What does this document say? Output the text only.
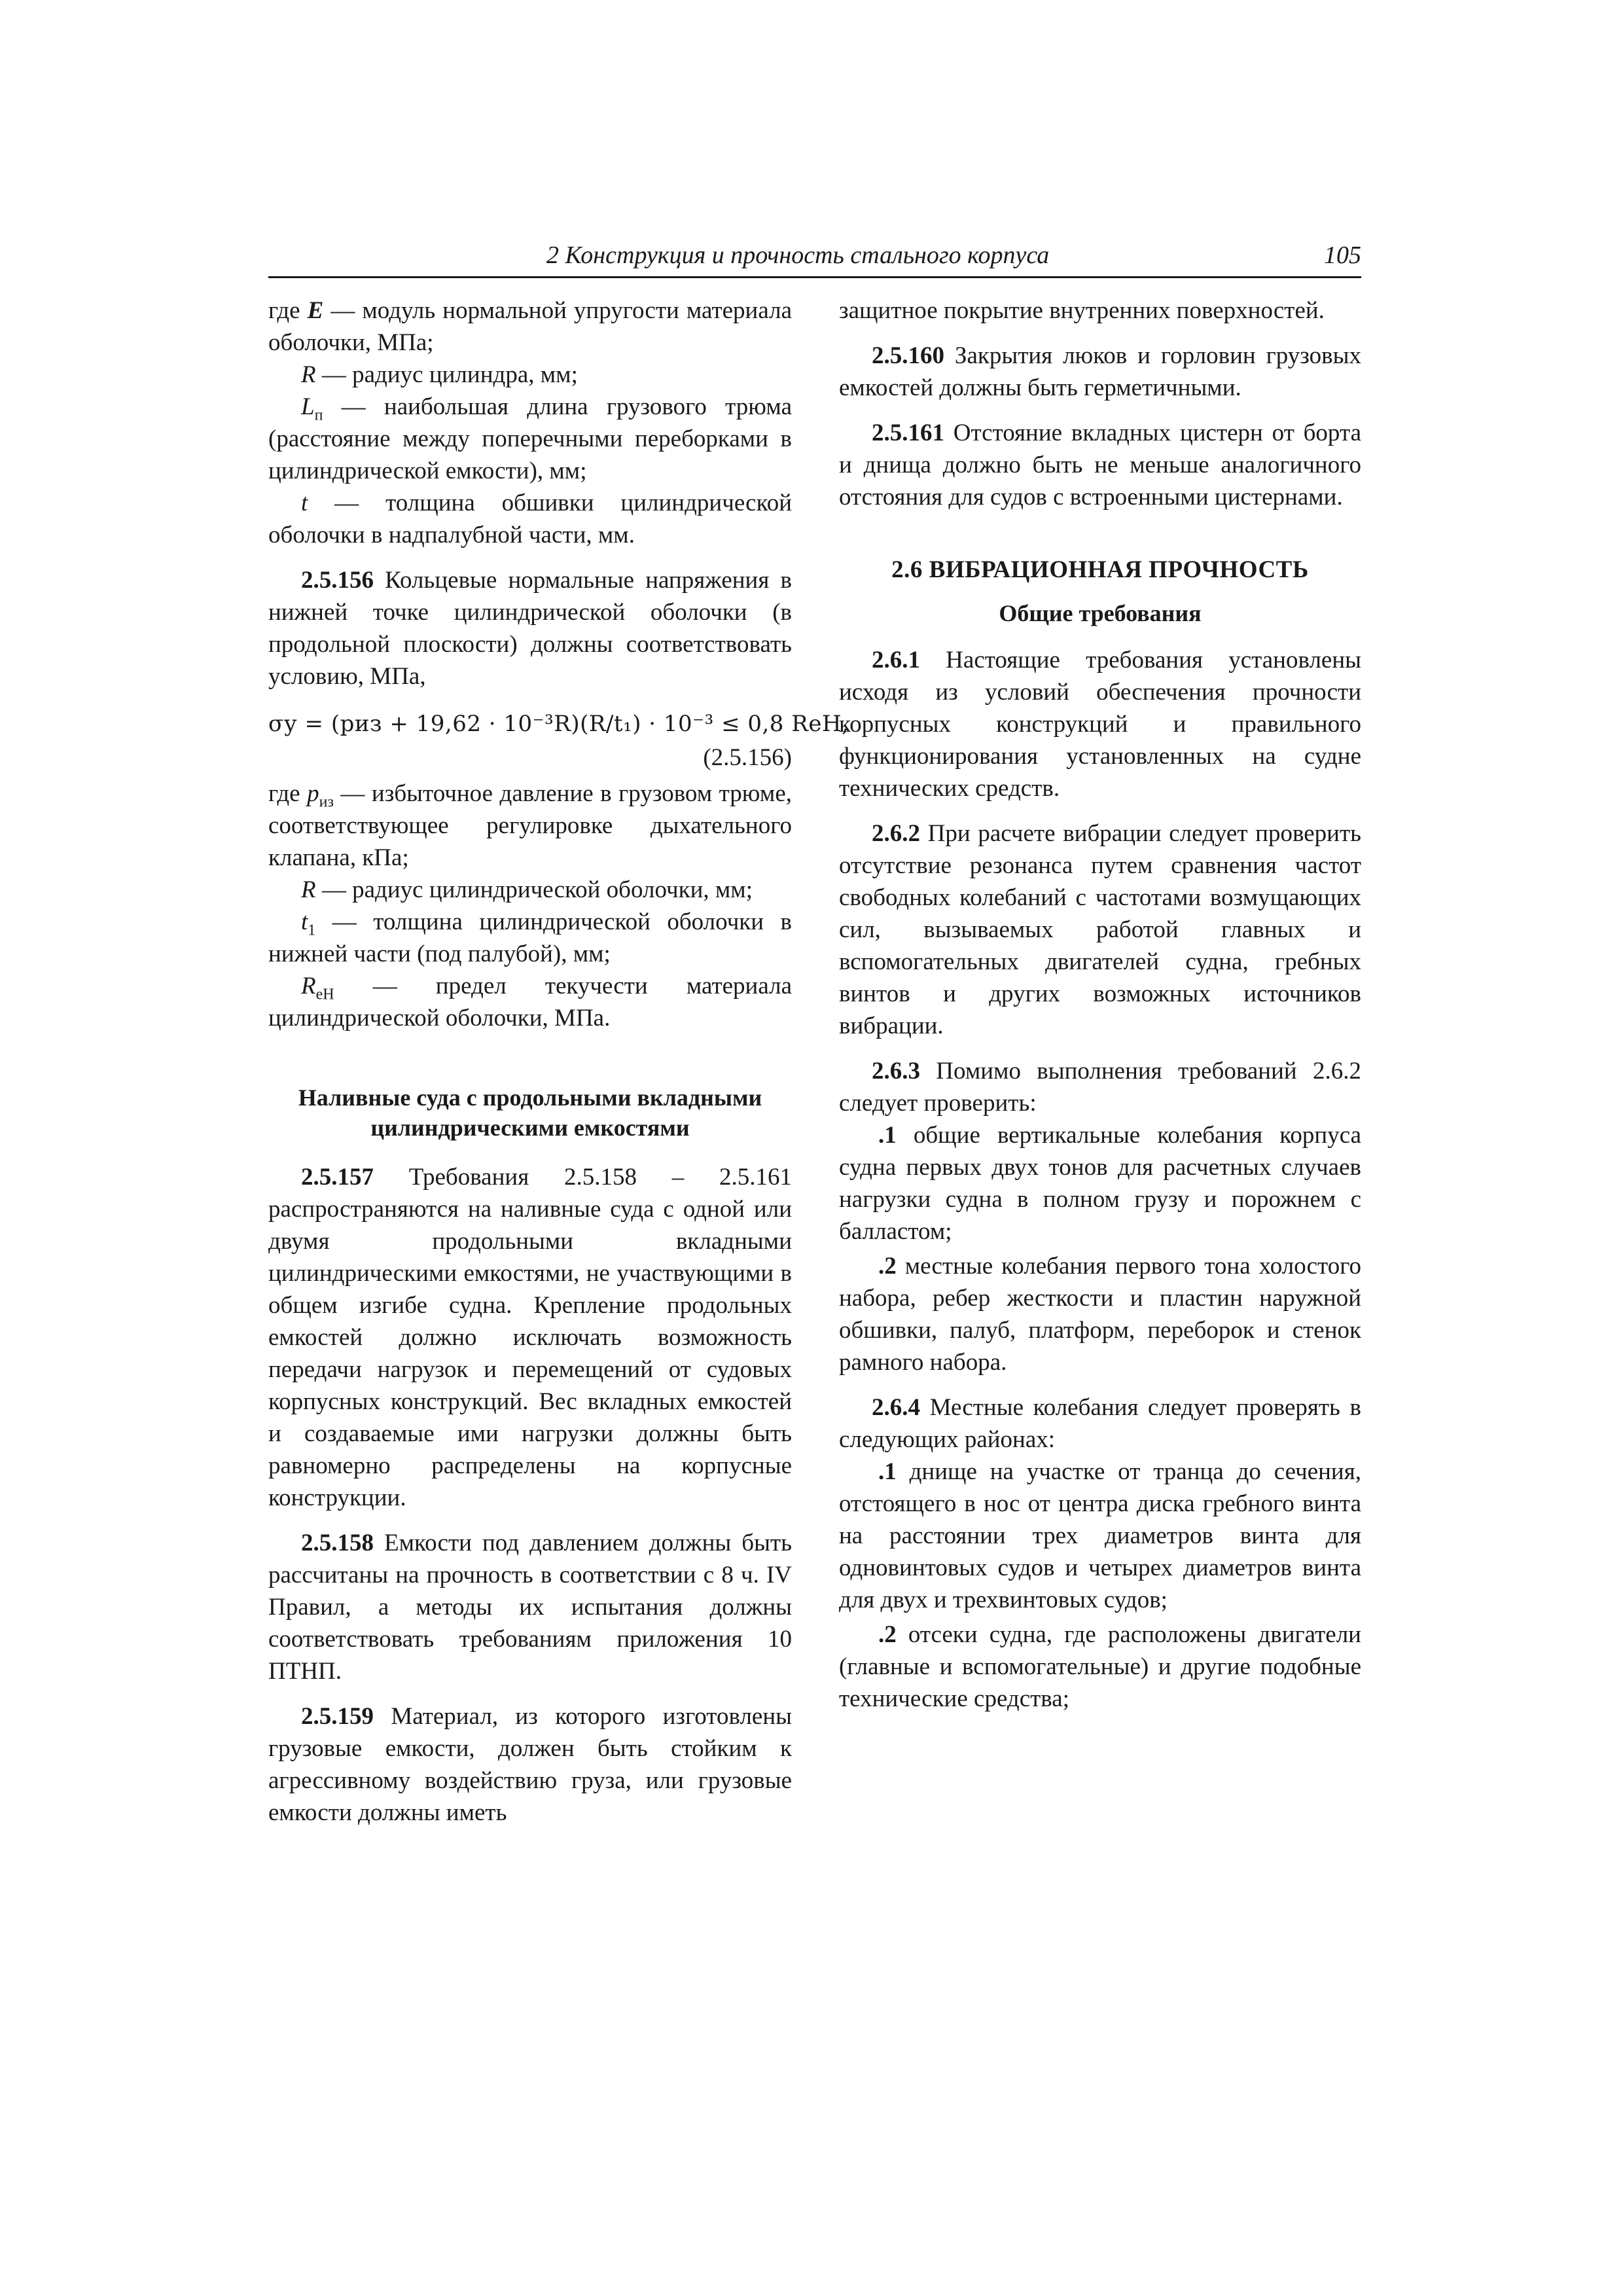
2 Конструкция и прочность стального корпуса	105

где E — модуль нормальной упругости материала оболочки, МПа;

R — радиус цилиндра, мм;

$L_п$ — наибольшая длина грузового трюма (расстояние между поперечными переборками в цилиндрической емкости), мм;

t — толщина обшивки цилиндрической оболочки в надпалубной части, мм.

2.5.156 Кольцевые нормальные напряжения в нижней точке цилиндрической оболочки (в продольной плоскости) должны соответствовать условию, МПа,

σу = (pиз + 19,62 · 10⁻³R)(R/t₁) · 10⁻³ ≤ 0,8 ReH,
(2.5.156)

где $p_{из}$ — избыточное давление в грузовом трюме, соответствующее регулировке дыхательного клапана, кПа;

R — радиус цилиндрической оболочки, мм;

$t_1$ — толщина цилиндрической оболочки в нижней части (под палубой), мм;

$R_{eH}$ — предел текучести материала цилиндрической оболочки, МПа.

Наливные суда с продольными вкладными цилиндрическими емкостями

2.5.157 Требования 2.5.158 – 2.5.161 распространяются на наливные суда с одной или двумя продольными вкладными цилиндрическими емкостями, не участвующими в общем изгибе судна. Крепление продольных емкостей должно исключать возможность передачи нагрузок и перемещений от судовых корпусных конструкций. Вес вкладных емкостей и создаваемые ими нагрузки должны быть равномерно распределены на корпусные конструкции.

2.5.158 Емкости под давлением должны быть рассчитаны на прочность в соответствии с 8 ч. IV Правил, а методы их испытания должны соответствовать требованиям приложения 10 ПТНП.

2.5.159 Материал, из которого изготовлены грузовые емкости, должен быть стойким к агрессивному воздействию груза, или грузовые емкости должны иметь

защитное покрытие внутренних поверхностей.

2.5.160 Закрытия люков и горловин грузовых емкостей должны быть герметичными.

2.5.161 Отстояние вкладных цистерн от борта и днища должно быть не меньше аналогичного отстояния для судов с встроенными цистернами.

2.6 ВИБРАЦИОННАЯ ПРОЧНОСТЬ
Общие требования

2.6.1 Настоящие требования установлены исходя из условий обеспечения прочности корпусных конструкций и правильного функционирования установленных на судне технических средств.

2.6.2 При расчете вибрации следует проверить отсутствие резонанса путем сравнения частот свободных колебаний с частотами возмущающих сил, вызываемых работой главных и вспомогательных двигателей судна, гребных винтов и других возможных источников вибрации.

2.6.3 Помимо выполнения требований 2.6.2 следует проверить:

.1 общие вертикальные колебания корпуса судна первых двух тонов для расчетных случаев нагрузки судна в полном грузу и порожнем с балластом;

.2 местные колебания первого тона холостого набора, ребер жесткости и пластин наружной обшивки, палуб, платформ, переборок и стенок рамного набора.

2.6.4 Местные колебания следует проверять в следующих районах:

.1 днище на участке от транца до сечения, отстоящего в нос от центра диска гребного винта на расстоянии трех диаметров винта для одновинтовых судов и четырех диаметров винта для двух и трехвинтовых судов;

.2 отсеки судна, где расположены двигатели (главные и вспомогательные) и другие подобные технические средства;
